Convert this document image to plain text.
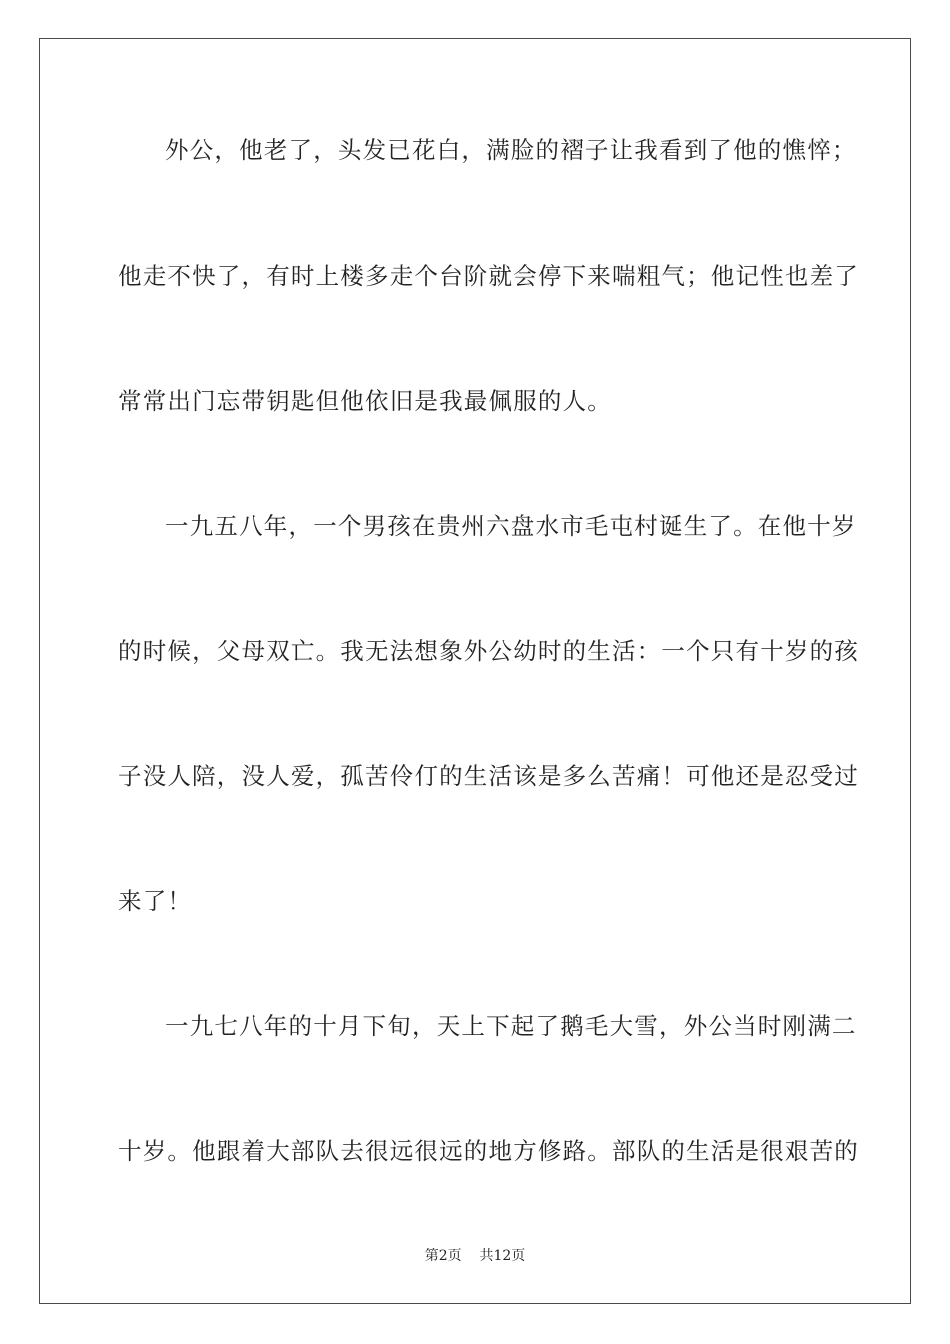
外公，他老了，头发已花白，满脸的褶子让我看到了他的憔悴；
他走不快了，有时上楼多走个台阶就会停下来喘粗气；他记性也差了
常常出门忘带钥匙但他依旧是我最佩服的人。
一九五八年，一个男孩在贵州六盘水市毛屯村诞生了。在他十岁
的时候，父母双亡。我无法想象外公幼时的生活：一个只有十岁的孩
子没人陪，没人爱，孤苦伶仃的生活该是多么苦痛！可他还是忍受过
来了！
一九七八年的十月下旬，天上下起了鹅毛大雪，外公当时刚满二
十岁。他跟着大部队去很远很远的地方修路。部队的生活是很艰苦的
第2页 共12页
